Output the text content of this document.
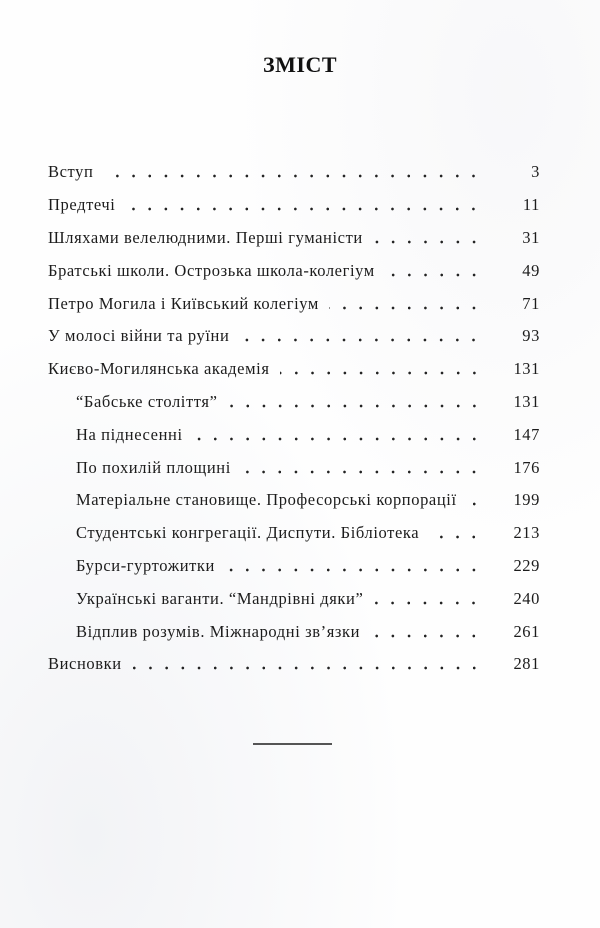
ЗМІСТ
Вступ	3
Предтечі	11
Шляхами велелюдними. Перші гуманісти	31
Братські школи. Острозька школа-колегіум	49
Петро Могила і Київський колегіум	71
У молосі війни та руїни	93
Києво-Могилянська академія	131
“Бабське століття”	131
На піднесенні	147
По похилій площині	176
Матеріальне становище. Професорські корпорації	199
Студентські конгрегації. Диспути. Бібліотека	213
Бурси-гуртожитки	229
Українські ваганти. “Мандрівні дяки”	240
Відплив розумів. Міжнародні зв’язки	261
Висновки	281
